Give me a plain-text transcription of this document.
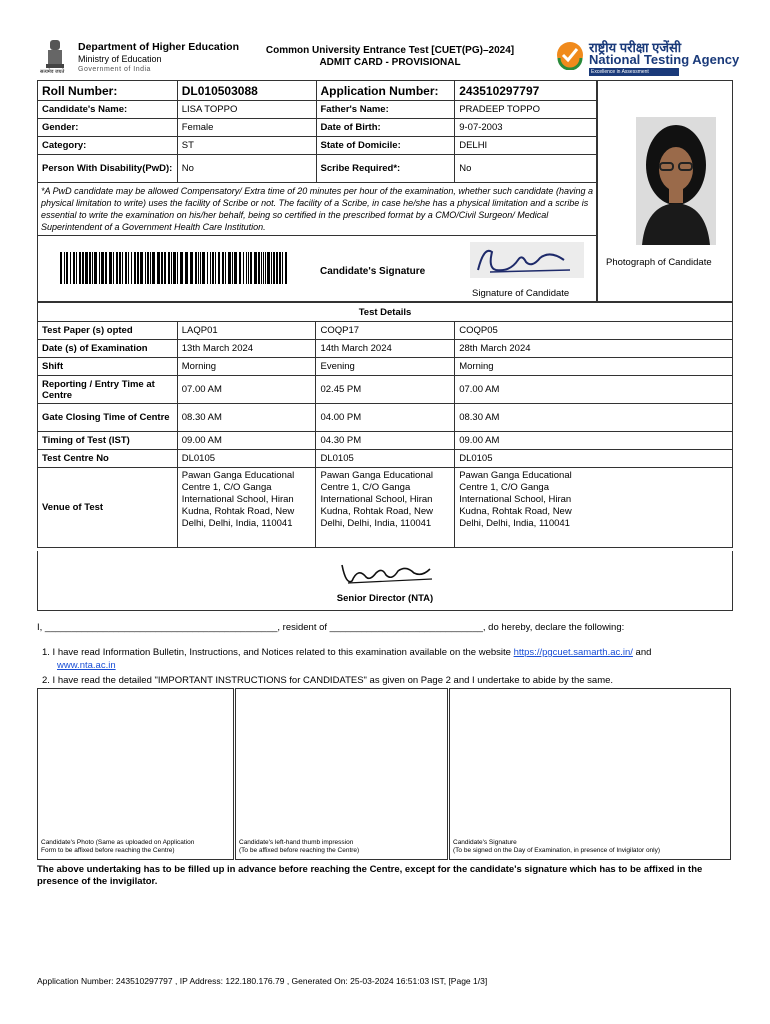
सत्यमेव जयते
Department of Higher Education
Ministry of Education
Government of India
Common University Entrance Test [CUET(PG)–2024]
ADMIT CARD - PROVISIONAL
राष्ट्रीय परीक्षा एजेंसी
National Testing Agency
Excellence in Assessment
Roll Number:	DL010503088	Application Number:	243510297797
Candidate's Name:	LISA TOPPO	Father's Name:	PRADEEP TOPPO
Gender:	Female	Date of Birth:	9-07-2003
Category:	ST	State of Domicile:	DELHI
Person With Disability(PwD):	No	Scribe Required*:	No
Photograph of Candidate
*A PwD candidate may be allowed Compensatory/ Extra time of 20 minutes per hour of the examination, whether such candidate (having a physical limitation to write) uses the facility of Scribe or not. The facility of a Scribe, in case he/she has a physical limitation and a scribe is essential to write the examination on his/her behalf, being so certified in the prescribed format by a CMO/Civil Surgeon/ Medical Superintendent of a Government Health Care Institution.
Candidate's Signature
Signature of Candidate
Test Details			
Test Paper (s) opted	LAQP01	COQP17	COQP05
Date (s) of Examination	13th March 2024	14th March 2024	28th March 2024
Shift	Morning	Evening	Morning
Reporting / Entry Time at Centre	07.00 AM	02.45 PM	07.00 AM
Gate Closing Time of Centre	08.30 AM	04.00 PM	08.30 AM
Timing of Test (IST)	09.00 AM	04.30 PM	09.00 AM
Test Centre No	DL0105	DL0105	DL0105
Venue of Test	Pawan Ganga Educational Centre 1, C/O Ganga International School, Hiran Kudna, Rohtak Road, New Delhi, Delhi, India, 110041	Pawan Ganga Educational Centre 1, C/O Ganga International School, Hiran Kudna, Rohtak Road, New Delhi, Delhi, India, 110041	Pawan Ganga Educational Centre 1, C/O Ganga International School, Hiran Kudna, Rohtak Road, New Delhi, Delhi, India, 110041
Senior Director (NTA)
I, ____________________________________________, resident of _____________________________, do hereby, declare the following:
1. I have read Information Bulletin, Instructions, and Notices related to this examination available on the website https://pgcuet.samarth.ac.in/ and
www.nta.ac.in
2. I have read the detailed "IMPORTANT INSTRUCTIONS for CANDIDATES" as given on Page 2 and I undertake to abide by the same.
Candidate's Photo (Same as uploaded on Application
Form to be affixed before reaching the Centre)
Candidate's left-hand thumb impression
(To be affixed before reaching the Centre)
Candidate's Signature
(To be signed on the Day of Examination, in presence of Invigilator only)
The above undertaking has to be filled up in advance before reaching the Centre, except for the candidate's signature which has to be affixed in the presence of the invigilator.
Application Number: 243510297797 , IP Address: 122.180.176.79 , Generated On: 25-03-2024 16:51:03 IST, [Page 1/3]
